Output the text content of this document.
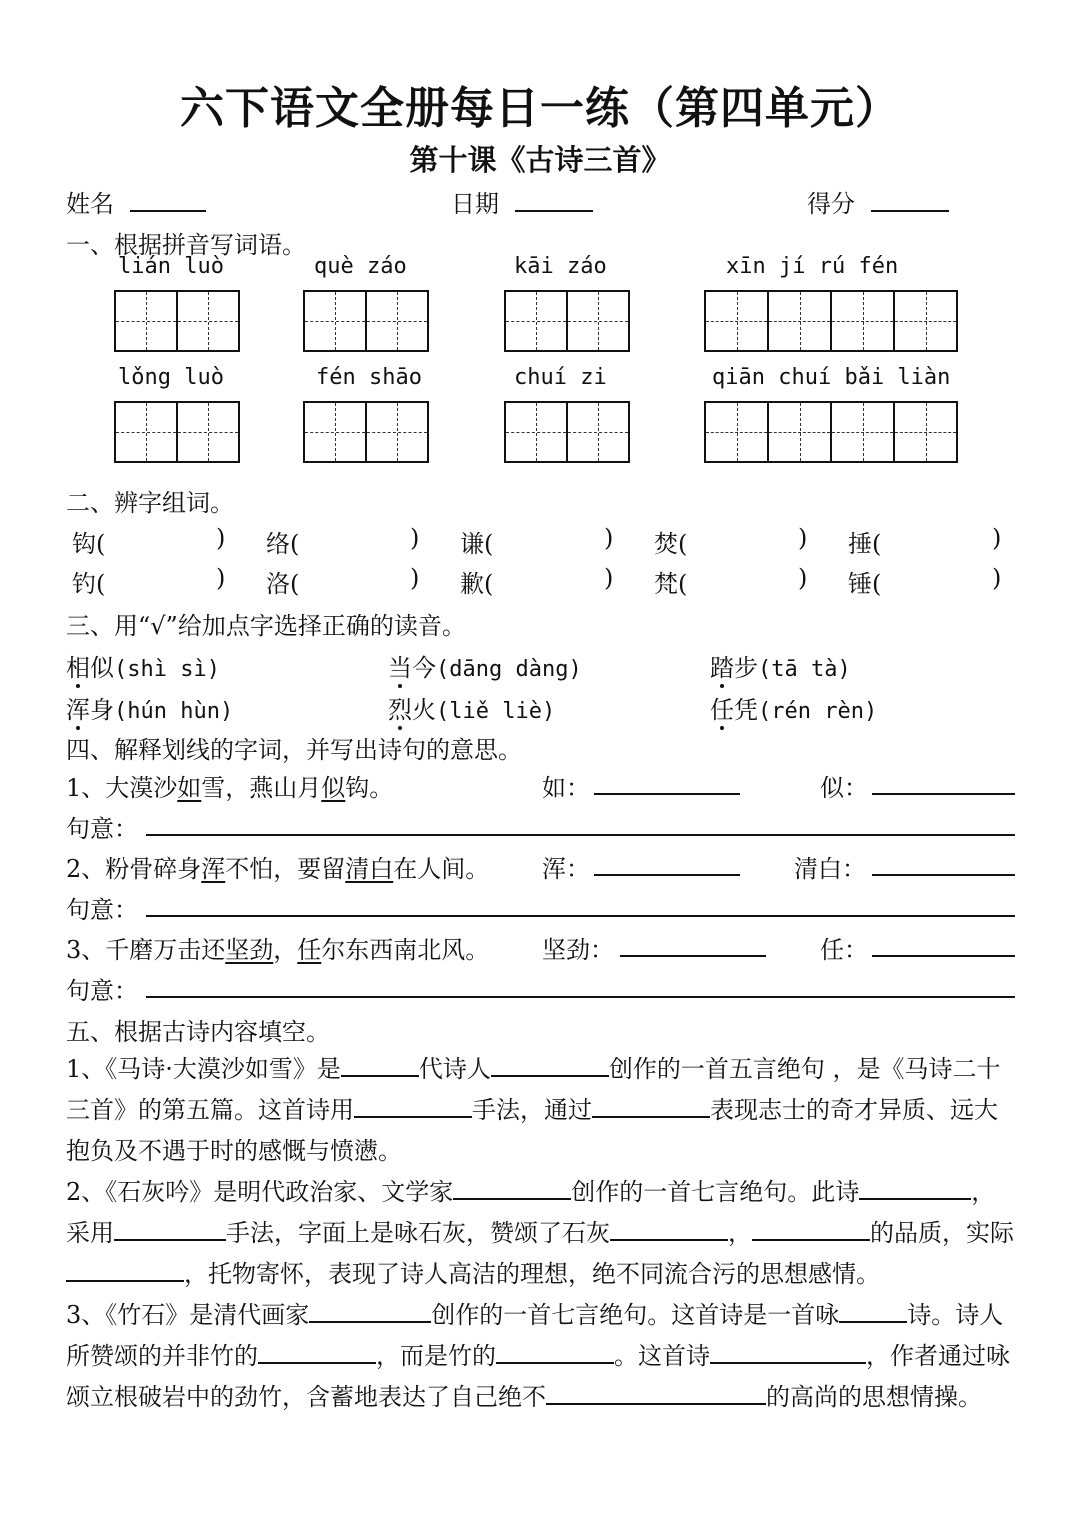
六下语文全册每日一练（第四单元）
第十课《古诗三首》
姓名	日期	得分
一、根据拼音写词语。
lián luò	què záo	kāi záo	xīn jí rú fén
lǒng luò	fén shāo	chuí zi	qiān chuí bǎi liàn
二、辨字组词。
钩(	) 络(	) 谦(	) 焚(	) 捶(	)
钓(	) 洛(	) 歉(	) 梵(	) 锤(	)
三、用“√”给加点字选择正确的读音。
相似(shì sì)	当今(dāng dàng)	踏步(tā tà)
浑身(hún hùn)	烈火(liě liè)	任凭(rén rèn)
四、解释划线的字词，并写出诗句的意思。
1、大漠沙如雪，燕山月似钩。	如：	似：
句意：
2、粉骨碎身浑不怕，要留清白在人间。 浑：	清白：
句意：
3、千磨万击还坚劲，任尔东西南北风。 坚劲：	任：
句意：
五、根据古诗内容填空。
1、《马诗·大漠沙如雪》是	代诗人	创作的一首五言绝句 ，是《马诗二十三首》的第五篇。这首诗用	手法，通过	表现志士的奇才异质、远大抱负及不遇于时的感慨与愤懑。
2、《石灰吟》是明代政治家、文学家	创作的一首七言绝句。此诗	，采用	手法，字面上是咏石灰，赞颂了石灰	，	的品质，实际，托物寄怀，表现了诗人高洁的理想，绝不同流合污的思想感情。
3、《竹石》是清代画家	创作的一首七言绝句。这首诗是一首咏	诗。诗人所赞颂的并非竹的	，而是竹的	。这首诗	，作者通过咏颂立根破岩中的劲竹，含蓄地表达了自己绝不	的高尚的思想情操。
